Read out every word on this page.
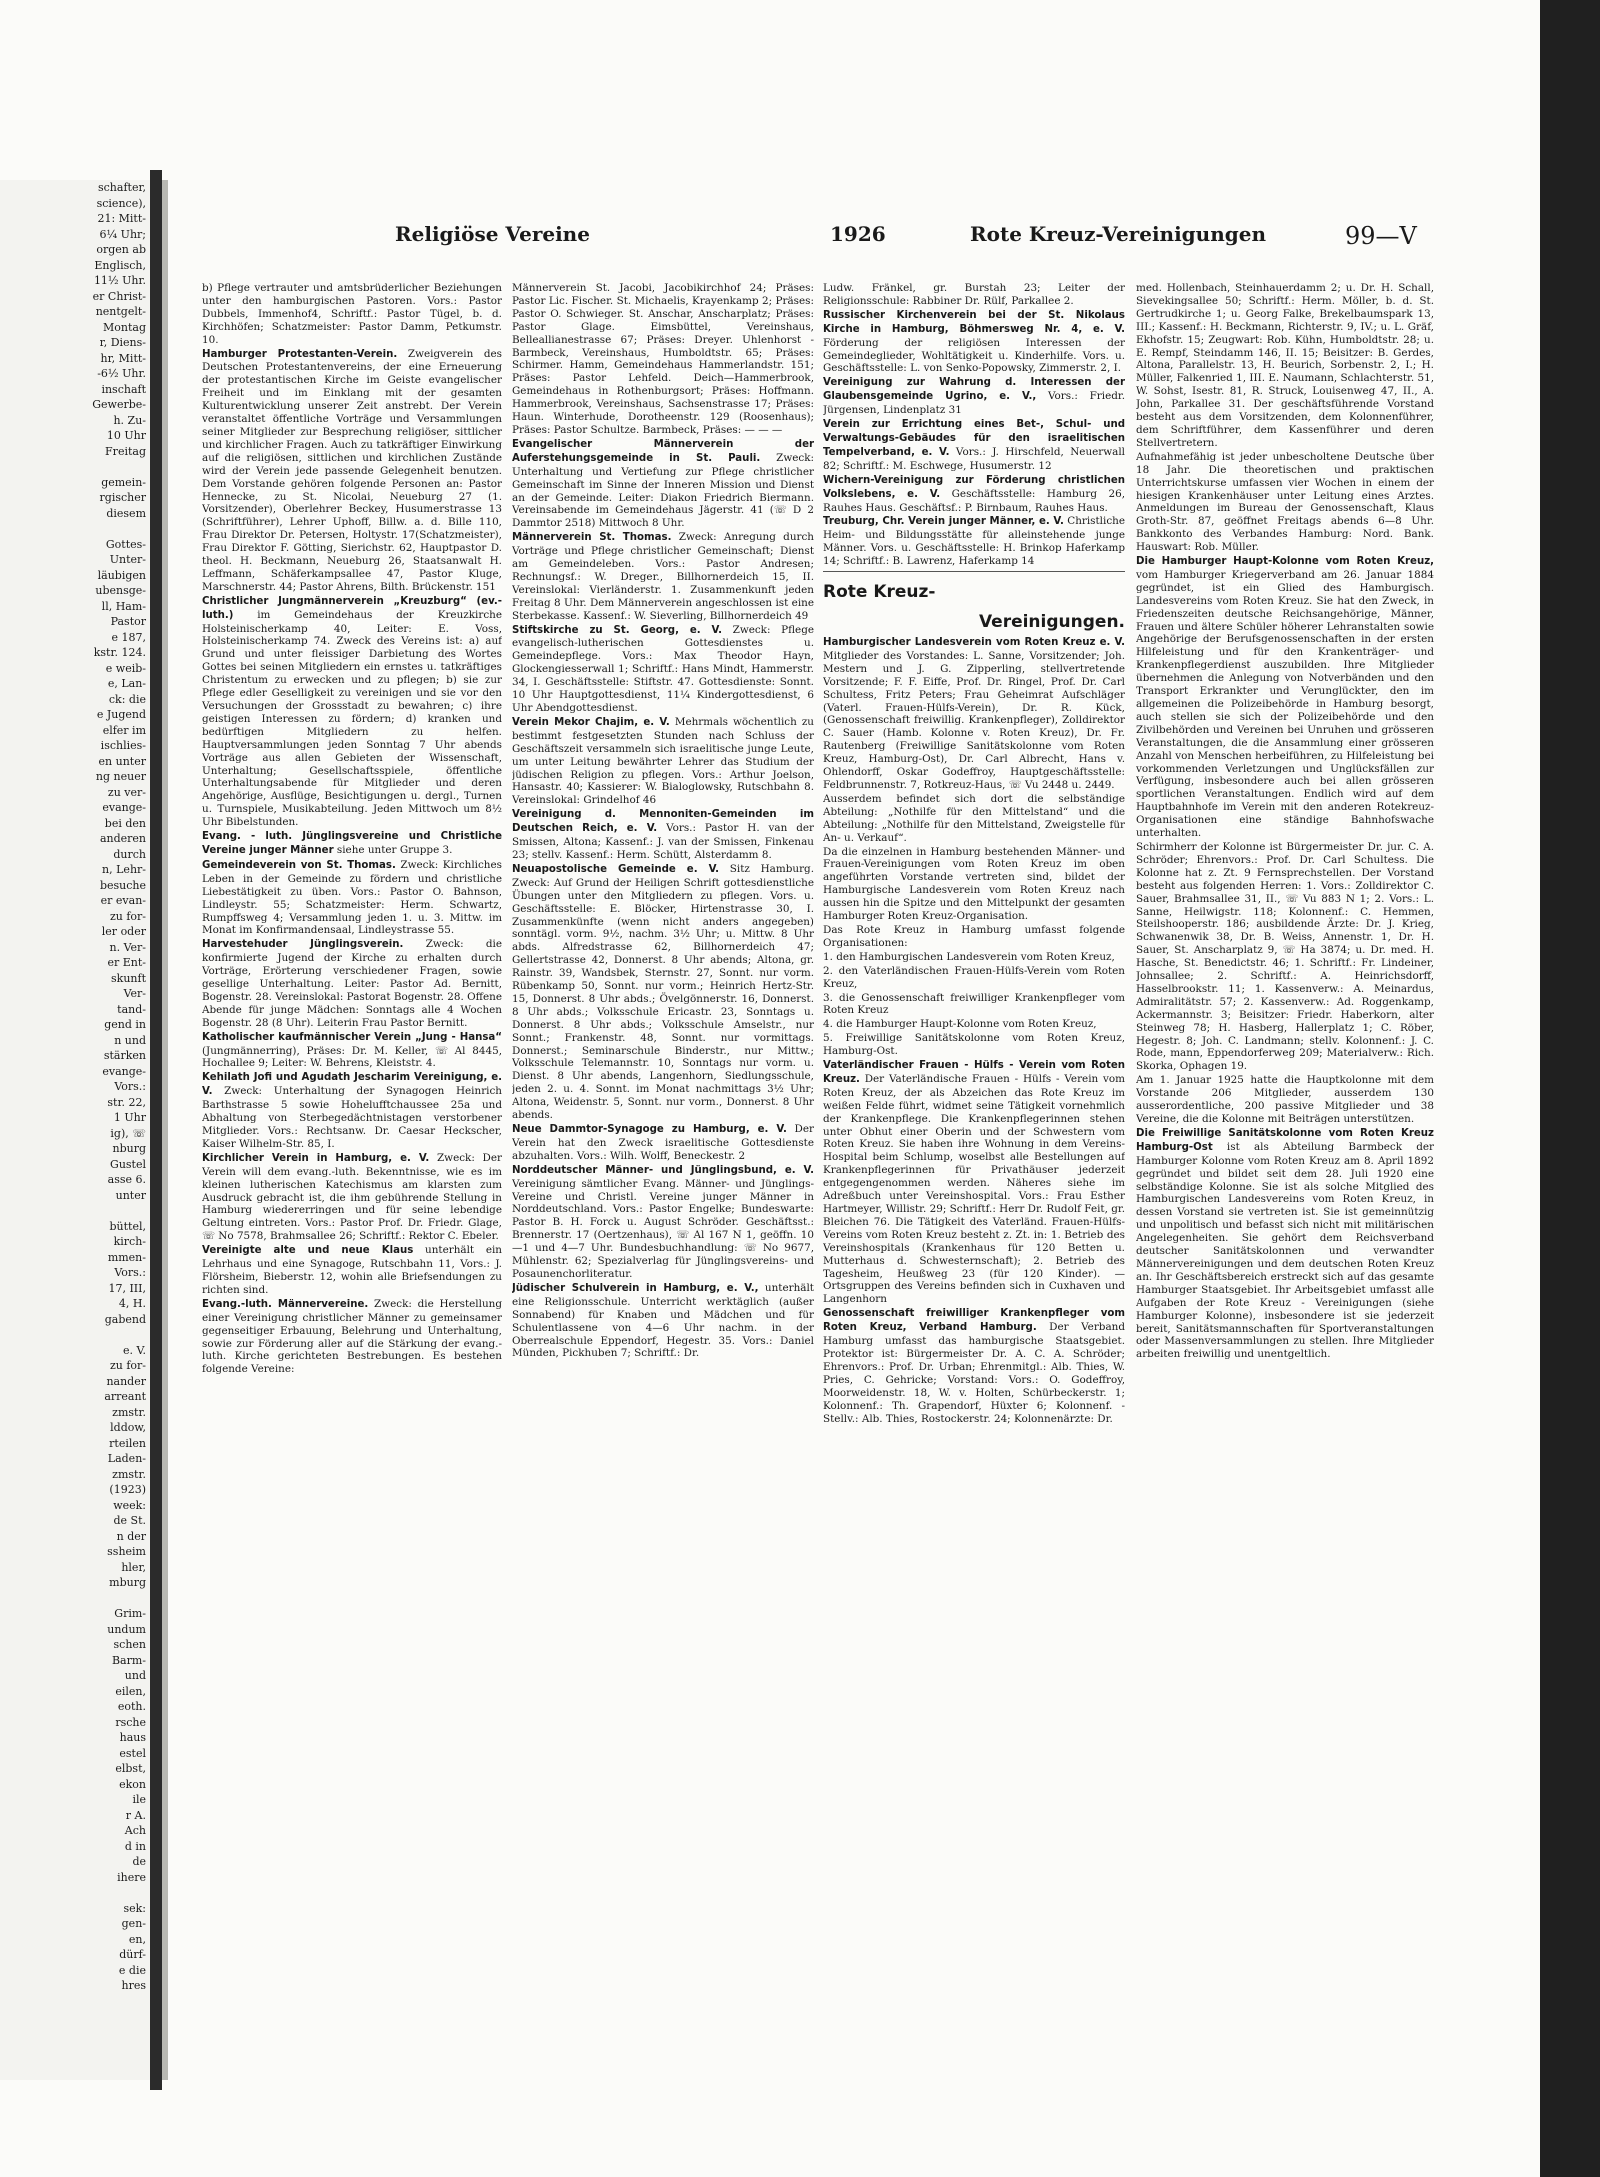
schafter,
science),
21: Mitt-
6¼ Uhr;
orgen ab
Englisch,
11½ Uhr.
er Christ-
nentgelt-
Montag
r, Diens-
hr, Mitt-
-6½ Uhr.
inschaft
Gewerbe-
h. Zu-
10 Uhr
Freitag

gemein-
rgischer
diesem

Gottes-
Unter-
läubigen
ubensge-
ll, Ham-
Pastor
e 187,
kstr. 124.
e weib-
e, Lan-
ck: die
e Jugend
elfer im
ischlies-
en unter
ng neuer
zu ver-
evange-
bei den
anderen
durch
n, Lehr-
besuche
er evan-
zu for-
ler oder
n. Ver-
er Ent-
skunft
Ver-
tand-
gend in
n und
stärken
evange-
Vors.:
str. 22,
1 Uhr
ig), ☏
nburg
Gustel
asse 6.
unter

büttel,
kirch-
mmen-
Vors.:
17, III,
4, H.
gabend

e. V.
zu for-
nander
arreant
zmstr.
lddow,
rteilen
Laden-
zmstr.
(1923)
week:
de St.
n der
ssheim
hler,
mburg

Grim-
undum
schen
Barm-
und
eilen,
eoth.
rsche
haus
estel
elbst,
ekon
ile
r A.
Ach
d in
de
ihere

sek:
gen-
en,
dürf-
e die
hres
Religiöse Vereine	1926	Rote Kreuz-Vereinigungen	99—V

b) Pflege vertrauter und amtsbrüderlicher Beziehungen unter den hamburgischen Pastoren. Vors.: Pastor Dubbels, Immenhof4, Schriftf.: Pastor Tügel, b. d. Kirchhöfen; Schatzmeister: Pastor Damm, Petkumstr. 10.

Hamburger Protestanten-Verein. Zweigverein des Deutschen Protestantenvereins, der eine Erneuerung der protestantischen Kirche im Geiste evangelischer Freiheit und im Einklang mit der gesamten Kulturentwicklung unserer Zeit anstrebt. Der Verein veranstaltet öffentliche Vorträge und Versammlungen seiner Mitglieder zur Besprechung religiöser, sittlicher und kirchlicher Fragen. Auch zu tatkräftiger Einwirkung auf die religiösen, sittlichen und kirchlichen Zustände wird der Verein jede passende Gelegenheit benutzen. Dem Vorstande gehören folgende Personen an: Pastor Hennecke, zu St. Nicolai, Neueburg 27 (1. Vorsitzender), Oberlehrer Beckey, Husumerstrasse 13 (Schriftführer), Lehrer Uphoff, Billw. a. d. Bille 110, Frau Direktor Dr. Petersen, Holtystr. 17(Schatzmeister), Frau Direktor F. Götting, Sierichstr. 62, Hauptpastor D. theol. H. Beckmann, Neueburg 26, Staatsanwalt H. Leffmann, Schäferkampsallee 47, Pastor Kluge, Marschnerstr. 44; Pastor Ahrens, Bilth. Brückenstr. 151

Christlicher Jungmännerverein „Kreuzburg“ (ev.-luth.) im Gemeindehaus der Kreuzkirche Holsteinischerkamp 40, Leiter: E. Voss, Holsteinischerkamp 74. Zweck des Vereins ist: a) auf Grund und unter fleissiger Darbietung des Wortes Gottes bei seinen Mitgliedern ein ernstes u. tatkräftiges Christentum zu erwecken und zu pflegen; b) sie zur Pflege edler Geselligkeit zu vereinigen und sie vor den Versuchungen der Grossstadt zu bewahren; c) ihre geistigen Interessen zu fördern; d) kranken und bedürftigen Mitgliedern zu helfen. Hauptversammlungen jeden Sonntag 7 Uhr abends Vorträge aus allen Gebieten der Wissenschaft, Unterhaltung; Gesellschaftsspiele, öffentliche Unterhaltungsabende für Mitglieder und deren Angehörige, Ausflüge, Besichtigungen u. dergl., Turnen u. Turnspiele, Musikabteilung. Jeden Mittwoch um 8½ Uhr Bibelstunden.

Evang. - luth. Jünglingsvereine und Christliche Vereine junger Männer siehe unter Gruppe 3.

Gemeindeverein von St. Thomas. Zweck: Kirchliches Leben in der Gemeinde zu fördern und christliche Liebestätigkeit zu üben. Vors.: Pastor O. Bahnson, Lindleystr. 55; Schatzmeister: Herm. Schwartz, Rumpffsweg 4; Versammlung jeden 1. u. 3. Mittw. im Monat im Konfirmandensaal, Lindleystrasse 55.

Harvestehuder Jünglingsverein. Zweck: die konfirmierte Jugend der Kirche zu erhalten durch Vorträge, Erörterung verschiedener Fragen, sowie gesellige Unterhaltung. Leiter: Pastor Ad. Bernitt, Bogenstr. 28. Vereinslokal: Pastorat Bogenstr. 28. Offene Abende für junge Mädchen: Sonntags alle 4 Wochen Bogenstr. 28 (8 Uhr). Leiterin Frau Pastor Bernitt.

Katholischer kaufmännischer Verein „Jung - Hansa“ (Jungmännerring), Präses: Dr. M. Keller, ☏ Al 8445, Hochallee 9; Leiter: W. Behrens, Kleiststr. 4.

Kehilath Jofi und Agudath Jescharim Vereinigung, e. V. Zweck: Unterhaltung der Synagogen Heinrich Barthstrasse 5 sowie Hohelufftchaussee 25a und Abhaltung von Sterbegedächtnistagen verstorbener Mitglieder. Vors.: Rechtsanw. Dr. Caesar Heckscher, Kaiser Wilhelm-Str. 85, I.

Kirchlicher Verein in Hamburg, e. V. Zweck: Der Verein will dem evang.-luth. Bekenntnisse, wie es im kleinen lutherischen Katechismus am klarsten zum Ausdruck gebracht ist, die ihm gebührende Stellung in Hamburg wiedererringen und für seine lebendige Geltung eintreten. Vors.: Pastor Prof. Dr. Friedr. Glage, ☏ No 7578, Brahmsallee 26; Schriftf.: Rektor C. Ebeler.

Vereinigte alte und neue Klaus unterhält ein Lehrhaus und eine Synagoge, Rutschbahn 11, Vors.: J. Flörsheim, Bieberstr. 12, wohin alle Briefsendungen zu richten sind.

Evang.-luth. Männervereine. Zweck: die Herstellung einer Vereinigung christlicher Männer zu gemeinsamer gegenseitiger Erbauung, Belehrung und Unterhaltung, sowie zur Förderung aller auf die Stärkung der evang.-luth. Kirche gerichteten Bestrebungen. Es bestehen folgende Vereine:

Männerverein St. Jacobi, Jacobikirchhof 24; Präses: Pastor Lic. Fischer. St. Michaelis, Krayenkamp 2; Präses: Pastor O. Schwieger. St. Anschar, Anscharplatz; Präses: Pastor Glage. Eimsbüttel, Vereinshaus, Belleallianestrasse 67; Präses: Dreyer. Uhlenhorst - Barmbeck, Vereinshaus, Humboldtstr. 65; Präses: Schirmer. Hamm, Gemeindehaus Hammerlandstr. 151; Präses: Pastor Lehfeld. Deich—Hammerbrook, Gemeindehaus in Rothenburgsort; Präses: Hoffmann. Hammerbrook, Vereinshaus, Sachsenstrasse 17; Präses: Haun. Winterhude, Dorotheenstr. 129 (Roosenhaus); Präses: Pastor Schultze. Barmbeck, Präses: — — —

Evangelischer Männerverein der Auferstehungsgemeinde in St. Pauli. Zweck: Unterhaltung und Vertiefung zur Pflege christlicher Gemeinschaft im Sinne der Inneren Mission und Dienst an der Gemeinde. Leiter: Diakon Friedrich Biermann. Vereinsabende im Gemeindehaus Jägerstr. 41 (☏ D 2 Dammtor 2518) Mittwoch 8 Uhr.

Männerverein St. Thomas. Zweck: Anregung durch Vorträge und Pflege christlicher Gemeinschaft; Dienst am Gemeindeleben. Vors.: Pastor Andresen; Rechnungsf.: W. Dreger., Billhornerdeich 15, II. Vereinslokal: Vierländerstr. 1. Zusammenkunft jeden Freitag 8 Uhr. Dem Männerverein angeschlossen ist eine Sterbekasse. Kassenf.: W. Sieverling, Billhornerdeich 49

Stiftskirche zu St. Georg, e. V. Zweck: Pflege evangelisch-lutherischen Gottesdienstes u. Gemeindepflege. Vors.: Max Theodor Hayn, Glockengiesserwall 1; Schriftf.: Hans Mindt, Hammerstr. 34, I. Geschäftsstelle: Stiftstr. 47. Gottesdienste: Sonnt. 10 Uhr Hauptgottesdienst, 11¼ Kindergottesdienst, 6 Uhr Abendgottesdienst.

Verein Mekor Chajim, e. V. Mehrmals wöchentlich zu bestimmt festgesetzten Stunden nach Schluss der Geschäftszeit versammeln sich israelitische junge Leute, um unter Leitung bewährter Lehrer das Studium der jüdischen Religion zu pflegen. Vors.: Arthur Joelson, Hansastr. 40; Kassierer: W. Bialoglowsky, Rutschbahn 8. Vereinslokal: Grindelhof 46

Vereinigung d. Mennoniten-Gemeinden im Deutschen Reich, e. V. Vors.: Pastor H. van der Smissen, Altona; Kassenf.: J. van der Smissen, Finkenau 23; stellv. Kassenf.: Herm. Schütt, Alsterdamm 8.

Neuapostolische Gemeinde e. V. Sitz Hamburg. Zweck: Auf Grund der Heiligen Schrift gottesdienstliche Übungen unter den Mitgliedern zu pflegen. Vors. u. Geschäftsstelle: E. Blöcker, Hirtenstrasse 30, I. Zusammenkünfte (wenn nicht anders angegeben) sonntägl. vorm. 9½, nachm. 3½ Uhr; u. Mittw. 8 Uhr abds. Alfredstrasse 62, Billhornerdeich 47; Gellertstrasse 42, Donnerst. 8 Uhr abends; Altona, gr. Rainstr. 39, Wandsbek, Sternstr. 27, Sonnt. nur vorm. Rübenkamp 50, Sonnt. nur vorm.; Heinrich Hertz-Str. 15, Donnerst. 8 Uhr abds.; Övelgönnerstr. 16, Donnerst. 8 Uhr abds.; Volksschule Ericastr. 23, Sonntags u. Donnerst. 8 Uhr abds.; Volksschule Amselstr., nur Sonnt.; Frankenstr. 48, Sonnt. nur vormittags. Donnerst.; Seminarschule Binderstr., nur Mittw.; Volksschule Telemannstr. 10, Sonntags nur vorm. u. Dienst. 8 Uhr abends, Langenhorn, Siedlungsschule, jeden 2. u. 4. Sonnt. im Monat nachmittags 3½ Uhr; Altona, Weidenstr. 5, Sonnt. nur vorm., Donnerst. 8 Uhr abends.

Neue Dammtor-Synagoge zu Hamburg, e. V. Der Verein hat den Zweck israelitische Gottesdienste abzuhalten. Vors.: Wilh. Wolff, Beneckestr. 2

Norddeutscher Männer- und Jünglingsbund, e. V. Vereinigung sämtlicher Evang. Männer- und Jünglings-Vereine und Christl. Vereine junger Männer in Norddeutschland. Vors.: Pastor Engelke; Bundeswarte: Pastor B. H. Forck u. August Schröder. Geschäftsst.: Brennerstr. 17 (Oertzenhaus), ☏ Al 167 N 1, geöffn. 10—1 und 4—7 Uhr. Bundesbuchhandlung: ☏ No 9677, Mühlenstr. 62; Spezialverlag für Jünglingsvereins- und Posaunenchorliteratur.

Jüdischer Schulverein in Hamburg, e. V., unterhält eine Religionsschule. Unterricht werktäglich (außer Sonnabend) für Knaben und Mädchen und für Schulentlassene von 4—6 Uhr nachm. in der Oberrealschule Eppendorf, Hegestr. 35. Vors.: Daniel Münden, Pickhuben 7; Schriftf.: Dr.

Ludw. Fränkel, gr. Burstah 23; Leiter der Religionsschule: Rabbiner Dr. Rülf, Parkallee 2.

Russischer Kirchenverein bei der St. Nikolaus Kirche in Hamburg, Böhmersweg Nr. 4, e. V. Förderung der religiösen Interessen der Gemeindeglieder, Wohltätigkeit u. Kinderhilfe. Vors. u. Geschäftsstelle: L. von Senko-Popowsky, Zimmerstr. 2, I.

Vereinigung zur Wahrung d. Interessen der Glaubensgemeinde Ugrino, e. V., Vors.: Friedr. Jürgensen, Lindenplatz 31

Verein zur Errichtung eines Bet-, Schul- und Verwaltungs-Gebäudes für den israelitischen Tempelverband, e. V. Vors.: J. Hirschfeld, Neuerwall 82; Schriftf.: M. Eschwege, Husumerstr. 12

Wichern-Vereinigung zur Förderung christlichen Volkslebens, e. V. Geschäftsstelle: Hamburg 26, Rauhes Haus. Geschäftsf.: P. Birnbaum, Rauhes Haus.

Treuburg, Chr. Verein junger Männer, e. V. Christliche Heim- und Bildungsstätte für alleinstehende junge Männer. Vors. u. Geschäftsstelle: H. Brinkop Haferkamp 14; Schriftf.: B. Lawrenz, Haferkamp 14

Rote Kreuz-
Vereinigungen.

Hamburgischer Landesverein vom Roten Kreuz e. V. Mitglieder des Vorstandes: L. Sanne, Vorsitzender; Joh. Mestern und J. G. Zipperling, stellvertretende Vorsitzende; F. F. Eiffe, Prof. Dr. Ringel, Prof. Dr. Carl Schultess, Fritz Peters; Frau Geheimrat Aufschläger (Vaterl. Frauen-Hülfs-Verein), Dr. R. Kück, (Genossenschaft freiwillig. Krankenpfleger), Zolldirektor C. Sauer (Hamb. Kolonne v. Roten Kreuz), Dr. Fr. Rautenberg (Freiwillige Sanitätskolonne vom Roten Kreuz, Hamburg-Ost), Dr. Carl Albrecht, Hans v. Ohlendorff, Oskar Godeffroy, Hauptgeschäftsstelle: Feldbrunnenstr. 7, Rotkreuz-Haus, ☏ Vu 2448 u. 2449.

Ausserdem befindet sich dort die selbständige Abteilung: „Nothilfe für den Mittelstand“ und die Abteilung: „Nothilfe für den Mittelstand, Zweigstelle für An- u. Verkauf“.

Da die einzelnen in Hamburg bestehenden Männer- und Frauen-Vereinigungen vom Roten Kreuz im oben angeführten Vorstande vertreten sind, bildet der Hamburgische Landesverein vom Roten Kreuz nach aussen hin die Spitze und den Mittelpunkt der gesamten Hamburger Roten Kreuz-Organisation.

Das Rote Kreuz in Hamburg umfasst folgende Organisationen:

1. den Hamburgischen Landesverein vom Roten Kreuz,

2. den Vaterländischen Frauen-Hülfs-Verein vom Roten Kreuz,

3. die Genossenschaft freiwilliger Krankenpfleger vom Roten Kreuz

4. die Hamburger Haupt-Kolonne vom Roten Kreuz,

5. Freiwillige Sanitätskolonne vom Roten Kreuz, Hamburg-Ost.

Vaterländischer Frauen - Hülfs - Verein vom Roten Kreuz. Der Vaterländische Frauen - Hülfs - Verein vom Roten Kreuz, der als Abzeichen das Rote Kreuz im weißen Felde führt, widmet seine Tätigkeit vornehmlich der Krankenpflege. Die Krankenpflegerinnen stehen unter Obhut einer Oberin und der Schwestern vom Roten Kreuz. Sie haben ihre Wohnung in dem Vereins-Hospital beim Schlump, woselbst alle Bestellungen auf Krankenpflegerinnen für Privathäuser jederzeit entgegengenommen werden. Näheres siehe im Adreßbuch unter Vereinshospital. Vors.: Frau Esther Hartmeyer, Willistr. 29; Schriftf.: Herr Dr. Rudolf Feit, gr. Bleichen 76. Die Tätigkeit des Vaterländ. Frauen-Hülfs-Vereins vom Roten Kreuz besteht z. Zt. in: 1. Betrieb des Vereinshospitals (Krankenhaus für 120 Betten u. Mutterhaus d. Schwesternschaft); 2. Betrieb des Tagesheim, Heußweg 23 (für 120 Kinder). — Ortsgruppen des Vereins befinden sich in Cuxhaven und Langenhorn

Genossenschaft freiwilliger Krankenpfleger vom Roten Kreuz, Verband Hamburg. Der Verband Hamburg umfasst das hamburgische Staatsgebiet. Protektor ist: Bürgermeister Dr. A. C. A. Schröder; Ehrenvors.: Prof. Dr. Urban; Ehrenmitgl.: Alb. Thies, W. Pries, C. Gehricke; Vorstand: Vors.: O. Godeffroy, Moorweidenstr. 18, W. v. Holten, Schürbeckerstr. 1; Kolonnenf.: Th. Grapendorf, Hüxter 6; Kolonnenf. - Stellv.: Alb. Thies, Rostockerstr. 24; Kolonnenärzte: Dr.

med. Hollenbach, Steinhauerdamm 2; u. Dr. H. Schall, Sievekingsallee 50; Schriftf.: Herm. Möller, b. d. St. Gertrudkirche 1; u. Georg Falke, Brekelbaumspark 13, III.; Kassenf.: H. Beckmann, Richterstr. 9, IV.; u. L. Gräf, Ekhofstr. 15; Zeugwart: Rob. Kühn, Humboldtstr. 28; u. E. Rempf, Steindamm 146, II. 15; Beisitzer: B. Gerdes, Altona, Parallelstr. 13, H. Beurich, Sorbenstr. 2, I.; H. Müller, Falkenried 1, III. E. Naumann, Schlachterstr. 51, W. Sohst, Isestr. 81, R. Struck, Louisenweg 47, II., A. John, Parkallee 31. Der geschäftsführende Vorstand besteht aus dem Vorsitzenden, dem Kolonnenführer, dem Schriftführer, dem Kassenführer und deren Stellvertretern.

Aufnahmefähig ist jeder unbescholtene Deutsche über 18 Jahr. Die theoretischen und praktischen Unterrichtskurse umfassen vier Wochen in einem der hiesigen Krankenhäuser unter Leitung eines Arztes. Anmeldungen im Bureau der Genossenschaft, Klaus Groth-Str. 87, geöffnet Freitags abends 6—8 Uhr. Bankkonto des Verbandes Hamburg: Nord. Bank. Hauswart: Rob. Müller.

Die Hamburger Haupt-Kolonne vom Roten Kreuz, vom Hamburger Kriegerverband am 26. Januar 1884 gegründet, ist ein Glied des Hamburgisch. Landesvereins vom Roten Kreuz. Sie hat den Zweck, in Friedenszeiten deutsche Reichsangehörige, Männer, Frauen und ältere Schüler höherer Lehranstalten sowie Angehörige der Berufsgenossenschaften in der ersten Hilfeleistung und für den Krankenträger- und Krankenpflegerdienst auszubilden. Ihre Mitglieder übernehmen die Anlegung von Notverbänden und den Transport Erkrankter und Verunglückter, den im allgemeinen die Polizeibehörde in Hamburg besorgt, auch stellen sie sich der Polizeibehörde und den Zivilbehörden und Vereinen bei Unruhen und grösseren Veranstaltungen, die die Ansammlung einer grösseren Anzahl von Menschen herbeiführen, zu Hilfeleistung bei vorkommenden Verletzungen und Unglücksfällen zur Verfügung, insbesondere auch bei allen grösseren sportlichen Veranstaltungen. Endlich wird auf dem Hauptbahnhofe im Verein mit den anderen Rotekreuz-Organisationen eine ständige Bahnhofswache unterhalten.

Schirmherr der Kolonne ist Bürgermeister Dr. jur. C. A. Schröder; Ehrenvors.: Prof. Dr. Carl Schultess. Die Kolonne hat z. Zt. 9 Fernsprechstellen. Der Vorstand besteht aus folgenden Herren: 1. Vors.: Zolldirektor C. Sauer, Brahmsallee 31, II., ☏ Vu 883 N 1; 2. Vors.: L. Sanne, Heilwigstr. 118; Kolonnenf.: C. Hemmen, Steilshooperstr. 186; ausbildende Ärzte: Dr. J. Krieg, Schwanenwik 38, Dr. B. Weiss, Annenstr. 1, Dr. H. Sauer, St. Anscharplatz 9, ☏ Ha 3874; u. Dr. med. H. Hasche, St. Benedictstr. 46; 1. Schriftf.: Fr. Lindeiner, Johnsallee; 2. Schriftf.: A. Heinrichsdorff, Hasselbrookstr. 11; 1. Kassenverw.: A. Meinardus, Admiralitätstr. 57; 2. Kassenverw.: Ad. Roggenkamp, Ackermannstr. 3; Beisitzer: Friedr. Haberkorn, alter Steinweg 78; H. Hasberg, Hallerplatz 1; C. Röber, Hegestr. 8; Joh. C. Landmann; stellv. Kolonnenf.: J. C. Rode, mann, Eppendorferweg 209; Materialverw.: Rich. Skorka, Ophagen 19.

Am 1. Januar 1925 hatte die Hauptkolonne mit dem Vorstande 206 Mitglieder, ausserdem 130 ausserordentliche, 200 passive Mitglieder und 38 Vereine, die die Kolonne mit Beiträgen unterstützen.

Die Freiwillige Sanitätskolonne vom Roten Kreuz Hamburg-Ost ist als Abteilung Barmbeck der Hamburger Kolonne vom Roten Kreuz am 8. April 1892 gegründet und bildet seit dem 28. Juli 1920 eine selbständige Kolonne. Sie ist als solche Mitglied des Hamburgischen Landesvereins vom Roten Kreuz, in dessen Vorstand sie vertreten ist. Sie ist gemeinnützig und unpolitisch und befasst sich nicht mit militärischen Angelegenheiten. Sie gehört dem Reichsverband deutscher Sanitätskolonnen und verwandter Männervereinigungen und dem deutschen Roten Kreuz an. Ihr Geschäftsbereich erstreckt sich auf das gesamte Hamburger Staatsgebiet. Ihr Arbeitsgebiet umfasst alle Aufgaben der Rote Kreuz - Vereinigungen (siehe Hamburger Kolonne), insbesondere ist sie jederzeit bereit, Sanitätsmannschaften für Sportveranstaltungen oder Massenversammlungen zu stellen. Ihre Mitglieder arbeiten freiwillig und unentgeltlich.
